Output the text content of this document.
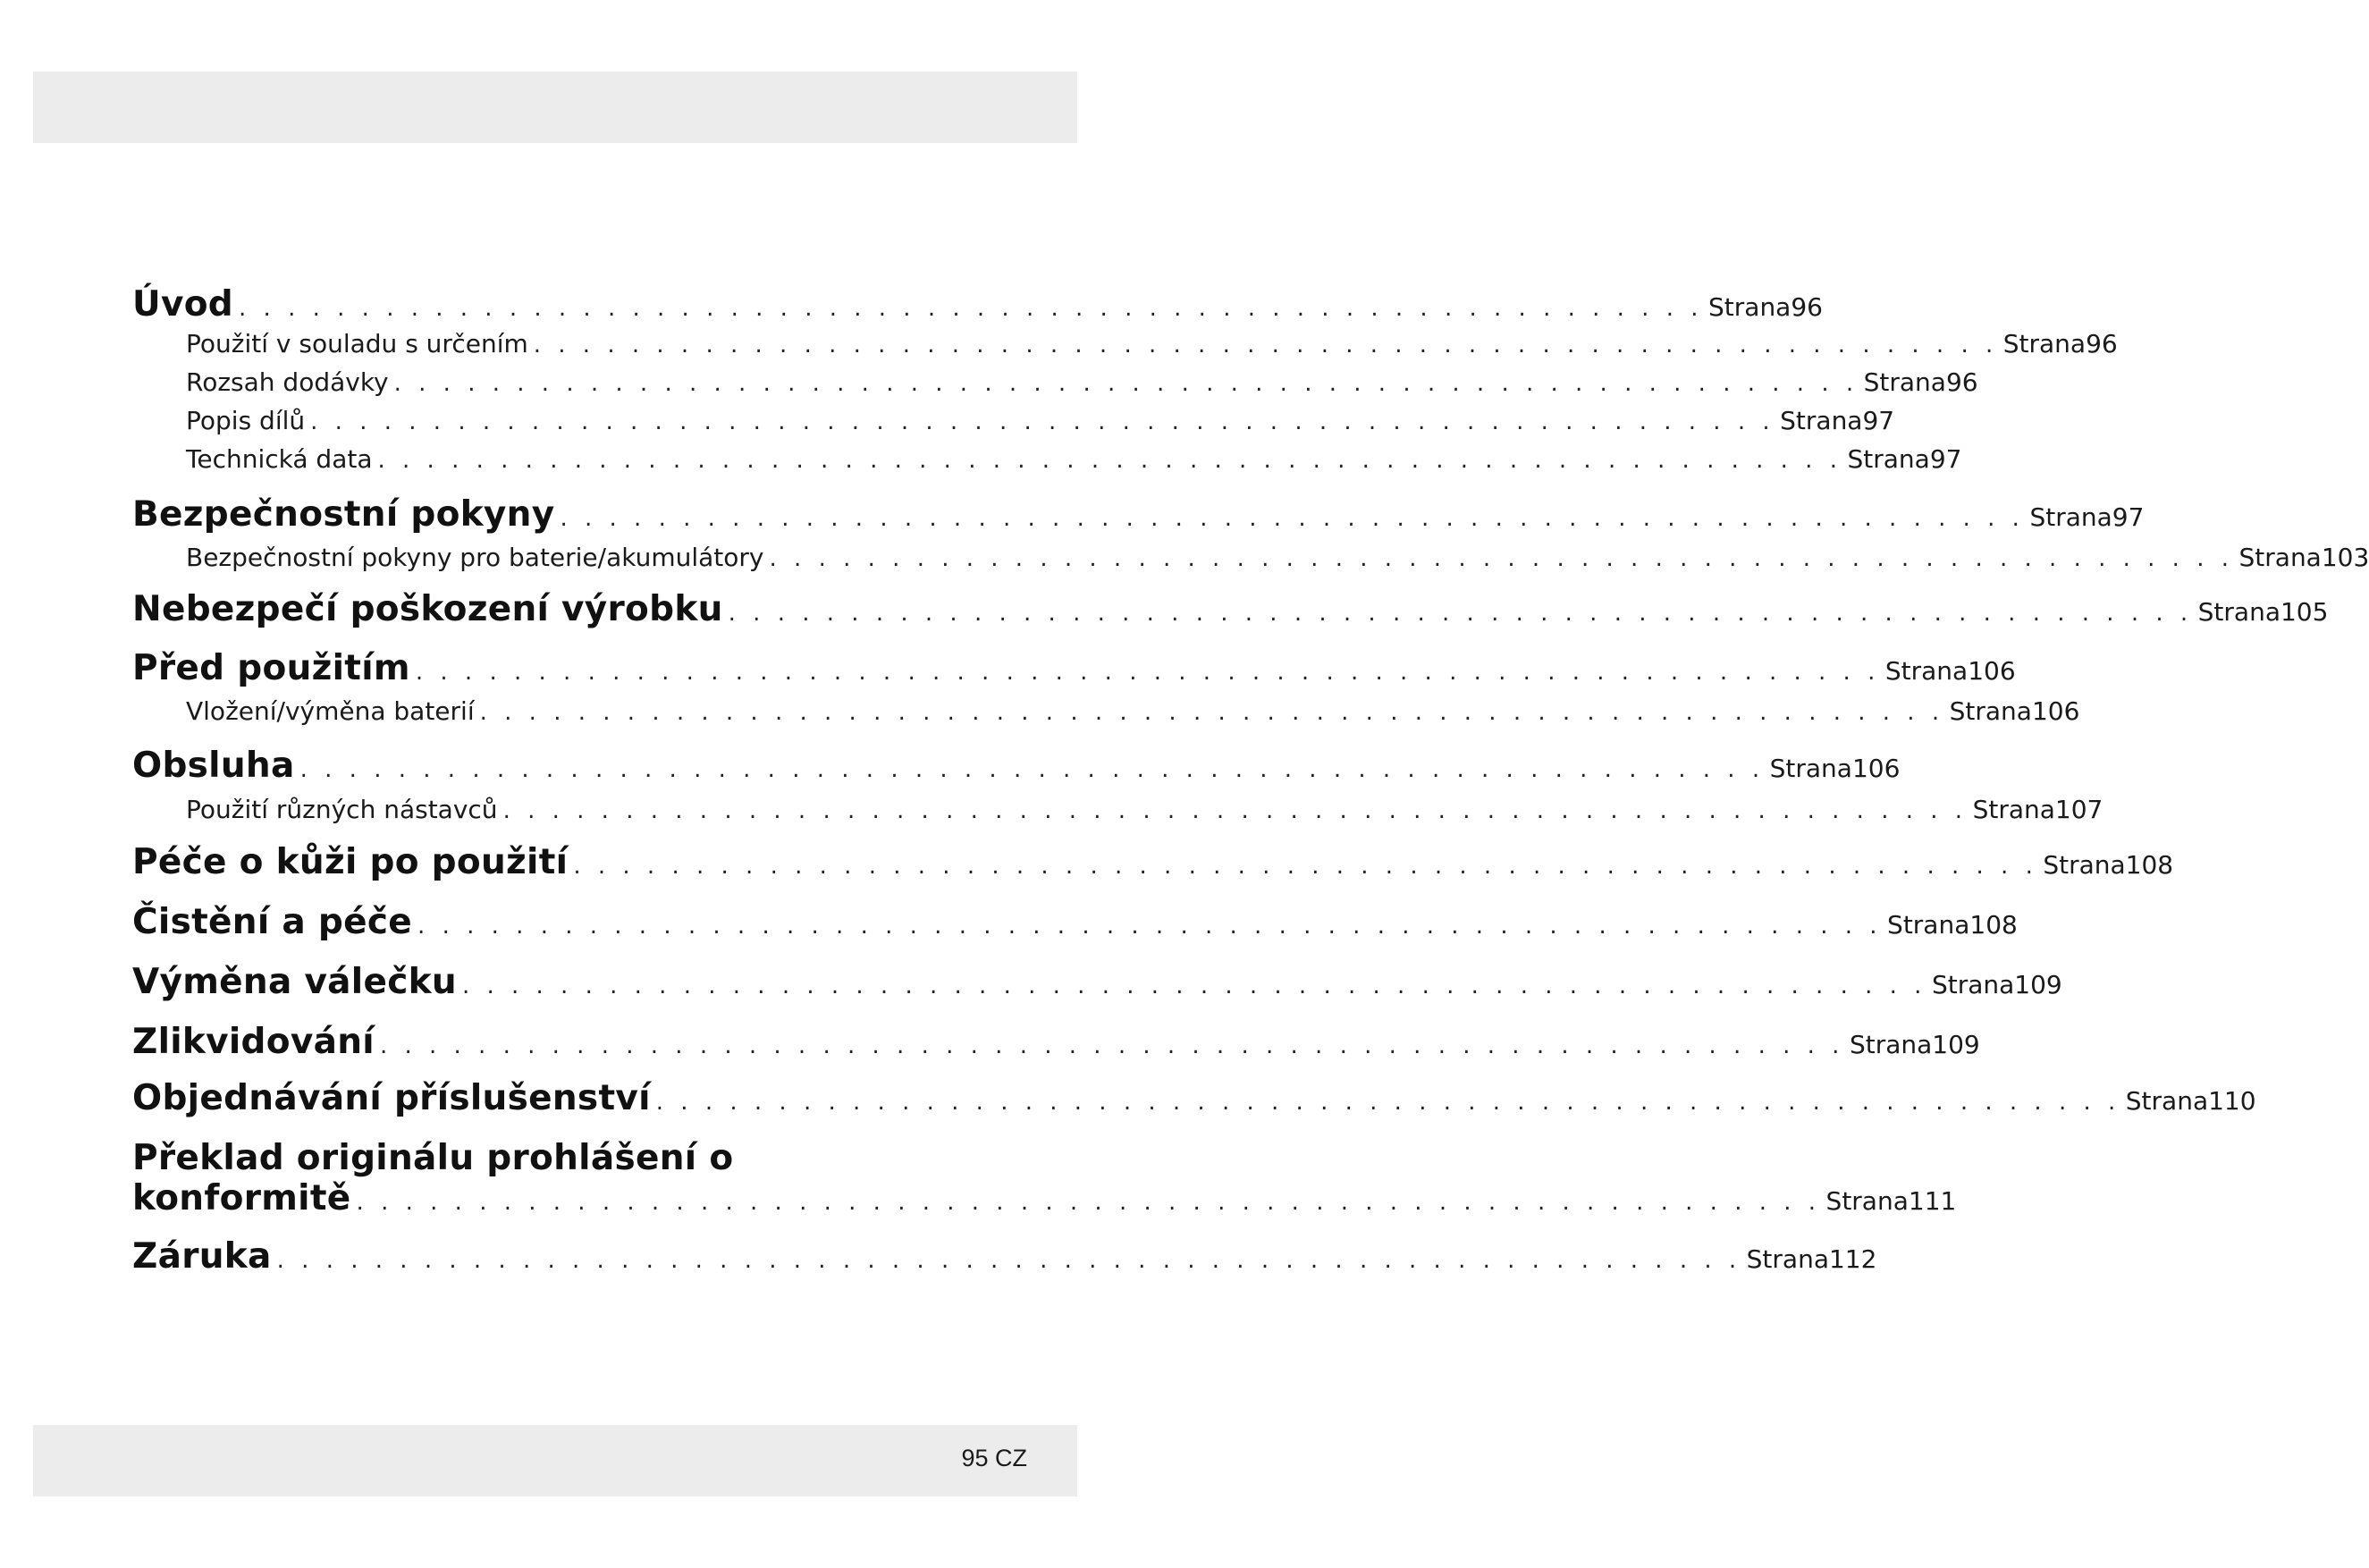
Úvod . . . . . . . . . . . . . . . . . . . . . . . . . . . . . . . . . . . . . . . . . . . . . . . . . . . . . . . . . . . . Strana 96
Použití v souladu s určením . . . . . . . . . . . . . . . . . . . . . . . . . . . . . . . . . . . . . . . . . . . . . . . . . . . . . . . . . . . . Strana 96
Rozsah dodávky . . . . . . . . . . . . . . . . . . . . . . . . . . . . . . . . . . . . . . . . . . . . . . . . . . . . . . . . . . . . Strana 96
Popis dílů . . . . . . . . . . . . . . . . . . . . . . . . . . . . . . . . . . . . . . . . . . . . . . . . . . . . . . . . . . . . Strana 97
Technická data . . . . . . . . . . . . . . . . . . . . . . . . . . . . . . . . . . . . . . . . . . . . . . . . . . . . . . . . . . . . Strana 97
Bezpečnostní pokyny . . . . . . . . . . . . . . . . . . . . . . . . . . . . . . . . . . . . . . . . . . . . . . . . . . . . . . . . . . . . Strana 97
Bezpečnostní pokyny pro baterie/akumulátory . . . . . . . . . . . . . . . . . . . . . . . . . . . . . . . . . . . . . . . . . . . . . . . . . . . . . . . . . . . . Strana 103
Nebezpečí poškození výrobku . . . . . . . . . . . . . . . . . . . . . . . . . . . . . . . . . . . . . . . . . . . . . . . . . . . . . . . . . . . . Strana 105
Před použitím . . . . . . . . . . . . . . . . . . . . . . . . . . . . . . . . . . . . . . . . . . . . . . . . . . . . . . . . . . . . Strana 106
Vložení/výměna baterií . . . . . . . . . . . . . . . . . . . . . . . . . . . . . . . . . . . . . . . . . . . . . . . . . . . . . . . . . . . . Strana 106
Obsluha . . . . . . . . . . . . . . . . . . . . . . . . . . . . . . . . . . . . . . . . . . . . . . . . . . . . . . . . . . . . Strana 106
Použití různých nástavců . . . . . . . . . . . . . . . . . . . . . . . . . . . . . . . . . . . . . . . . . . . . . . . . . . . . . . . . . . . . Strana 107
Péče o kůži po použití . . . . . . . . . . . . . . . . . . . . . . . . . . . . . . . . . . . . . . . . . . . . . . . . . . . . . . . . . . . . Strana 108
Čistění a péče . . . . . . . . . . . . . . . . . . . . . . . . . . . . . . . . . . . . . . . . . . . . . . . . . . . . . . . . . . . . Strana 108
Výměna válečku . . . . . . . . . . . . . . . . . . . . . . . . . . . . . . . . . . . . . . . . . . . . . . . . . . . . . . . . . . . . Strana 109
Zlikvidování . . . . . . . . . . . . . . . . . . . . . . . . . . . . . . . . . . . . . . . . . . . . . . . . . . . . . . . . . . . . Strana 109
Objednávání příslušenství . . . . . . . . . . . . . . . . . . . . . . . . . . . . . . . . . . . . . . . . . . . . . . . . . . . . . . . . . . . . Strana 110
Překlad originálu prohlášení o
konformitě . . . . . . . . . . . . . . . . . . . . . . . . . . . . . . . . . . . . . . . . . . . . . . . . . . . . . . . . . . . . Strana 111
Záruka . . . . . . . . . . . . . . . . . . . . . . . . . . . . . . . . . . . . . . . . . . . . . . . . . . . . . . . . . . . . Strana 112
95 CZ
